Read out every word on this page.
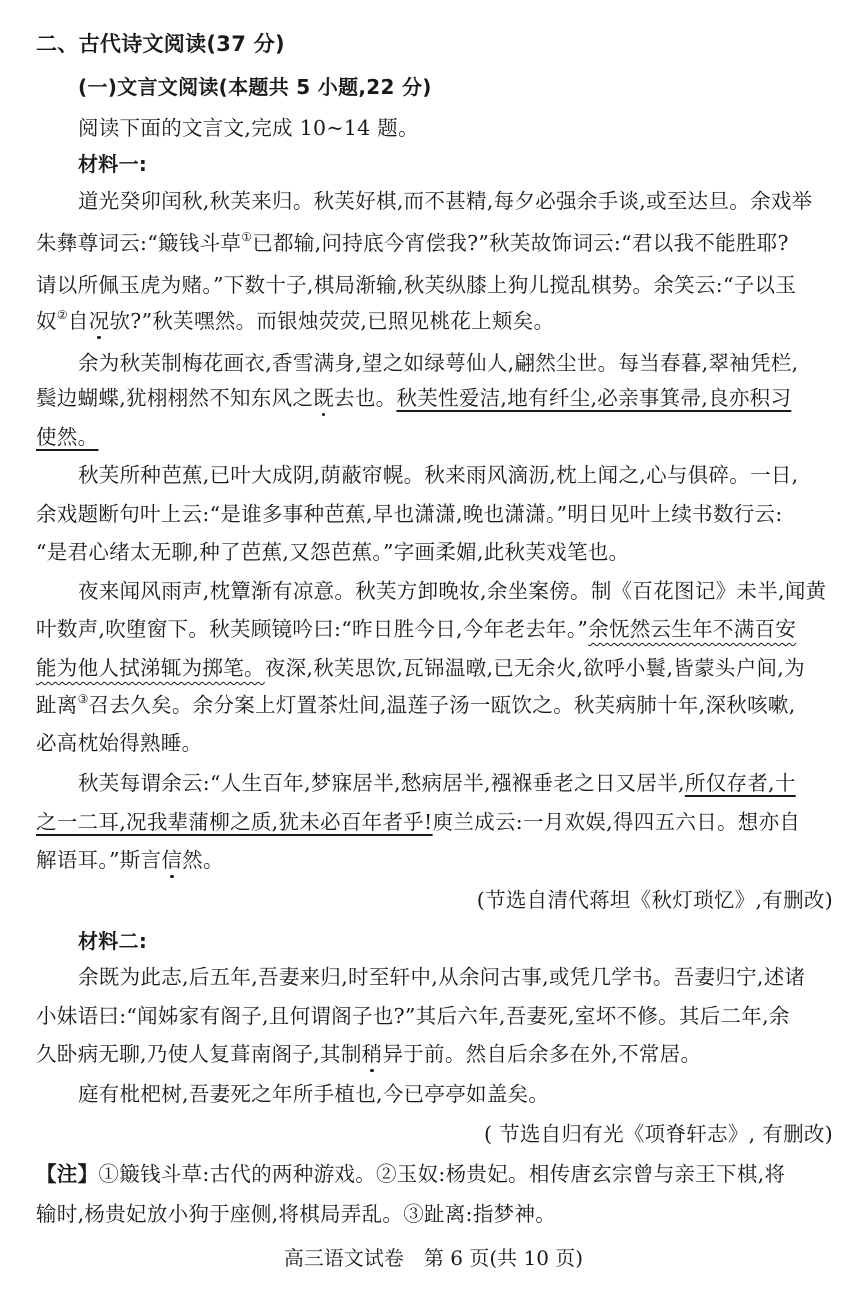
二、古代诗文阅读(37 分)
(一)文言文阅读(本题共 5 小题,22 分)
阅读下面的文言文,完成 10~14 题。
材料一:
道光癸卯闰秋,秋芙来归。秋芙好棋,而不甚精,每夕必强余手谈,或至达旦。余戏举
朱彝尊词云:“簸钱斗草①已都输,问持底今宵偿我?”秋芙故饰词云:“君以我不能胜耶?
请以所佩玉虎为赌。”下数十子,棋局渐输,秋芙纵膝上狗儿搅乱棋势。余笑云:“子以玉
奴②自况欤?”秋芙嘿然。而银烛荧荧,已照见桃花上颊矣。
余为秋芙制梅花画衣,香雪满身,望之如绿萼仙人,翩然尘世。每当春暮,翠袖凭栏,
鬓边蝴蝶,犹栩栩然不知东风之既去也。秋芙性爱洁,地有纤尘,必亲事箕帚,良亦积习
使然。
秋芙所种芭蕉,已叶大成阴,荫蔽帘幌。秋来雨风滴沥,枕上闻之,心与俱碎。一日,
余戏题断句叶上云:“是谁多事种芭蕉,早也潇潇,晚也潇潇。”明日见叶上续书数行云:
“是君心绪太无聊,种了芭蕉,又怨芭蕉。”字画柔媚,此秋芙戏笔也。
夜来闻风雨声,枕簟渐有凉意。秋芙方卸晚妆,余坐案傍。制《百花图记》未半,闻黄
叶数声,吹堕窗下。秋芙顾镜吟曰:“昨日胜今日,今年老去年。”余怃然云生年不满百安
能为他人拭涕辄为掷笔。夜深,秋芙思饮,瓦铞温暾,已无余火,欲呼小鬟,皆蒙头户间,为
趾离③召去久矣。余分案上灯置茶灶间,温莲子汤一瓯饮之。秋芙病肺十年,深秋咳嗽,
必高枕始得熟睡。
秋芙每谓余云:“人生百年,梦寐居半,愁病居半,襁褓垂老之日又居半,所仅存者,十
之一二耳,况我辈蒲柳之质,犹未必百年者乎!庾兰成云:一月欢娱,得四五六日。想亦自
解语耳。”斯言信然。
(节选自清代蒋坦《秋灯琐忆》,有删改)
材料二:
余既为此志,后五年,吾妻来归,时至轩中,从余问古事,或凭几学书。吾妻归宁,述诸
小妹语曰:“闻姊家有阁子,且何谓阁子也?”其后六年,吾妻死,室坏不修。其后二年,余
久卧病无聊,乃使人复葺南阁子,其制稍异于前。然自后余多在外,不常居。
庭有枇杷树,吾妻死之年所手植也,今已亭亭如盖矣。
( 节选自归有光《项脊轩志》, 有删改)
【注】①簸钱斗草:古代的两种游戏。②玉奴:杨贵妃。相传唐玄宗曾与亲王下棋,将
输时,杨贵妃放小狗于座侧,将棋局弄乱。③趾离:指梦神。
高三语文试卷　第 6 页(共 10 页)
